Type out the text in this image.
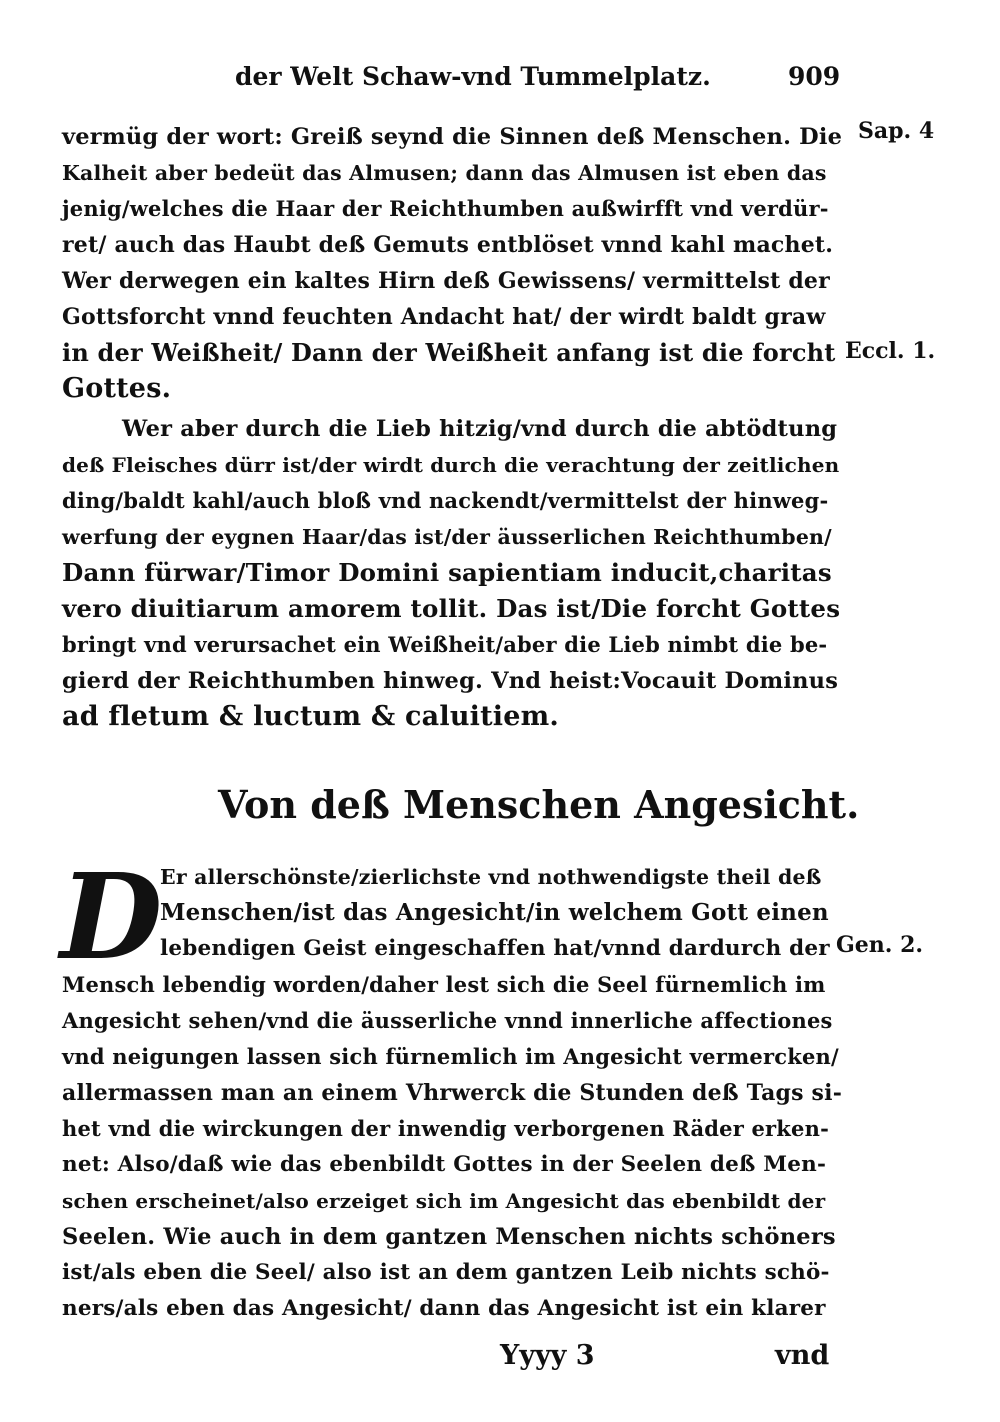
der Welt Schaw-vnd Tummelplatz.	909
Sap. 4
Eccl. 1.
Gen. 2.
vermüg der wort: Greiß seynd die Sinnen deß Menschen. Die
Kalheit aber bedeüt das Almusen; dann das Almusen ist eben das
jenig/welches die Haar der Reichthumben außwirfft vnd verdür-
ret/ auch das Haubt deß Gemuts entblöset vnnd kahl machet.
Wer derwegen ein kaltes Hirn deß Gewissens/ vermittelst der
Gottsforcht vnnd feuchten Andacht hat/ der wirdt baldt graw
in der Weißheit/ Dann der Weißheit anfang ist die forcht
Gottes.
Wer aber durch die Lieb hitzig/vnd durch die abtödtung
deß Fleisches dürr ist/der wirdt durch die verachtung der zeitlichen
ding/baldt kahl/auch bloß vnd nackendt/vermittelst der hinweg-
werfung der eygnen Haar/das ist/der äusserlichen Reichthumben/
Dann fürwar/Timor Domini sapientiam inducit,charitas
vero diuitiarum amorem tollit. Das ist/Die forcht Gottes
bringt vnd verursachet ein Weißheit/aber die Lieb nimbt die be-
gierd der Reichthumben hinweg. Vnd heist:Vocauit Dominus
ad fletum & luctum & caluitiem.
Von deß Menschen Angesicht.
D
Er allerschönste/zierlichste vnd nothwendigste theil deß
Menschen/ist das Angesicht/in welchem Gott einen
lebendigen Geist eingeschaffen hat/vnnd dardurch der
Mensch lebendig worden/daher lest sich die Seel fürnemlich im
Angesicht sehen/vnd die äusserliche vnnd innerliche affectiones
vnd neigungen lassen sich fürnemlich im Angesicht vermercken/
allermassen man an einem Vhrwerck die Stunden deß Tags si-
het vnd die wirckungen der inwendig verborgenen Räder erken-
net: Also/daß wie das ebenbildt Gottes in der Seelen deß Men-
schen erscheinet/also erzeiget sich im Angesicht das ebenbildt der
Seelen. Wie auch in dem gantzen Menschen nichts schöners
ist/als eben die Seel/ also ist an dem gantzen Leib nichts schö-
ners/als eben das Angesicht/ dann das Angesicht ist ein klarer
Yyyy 3	vnd
